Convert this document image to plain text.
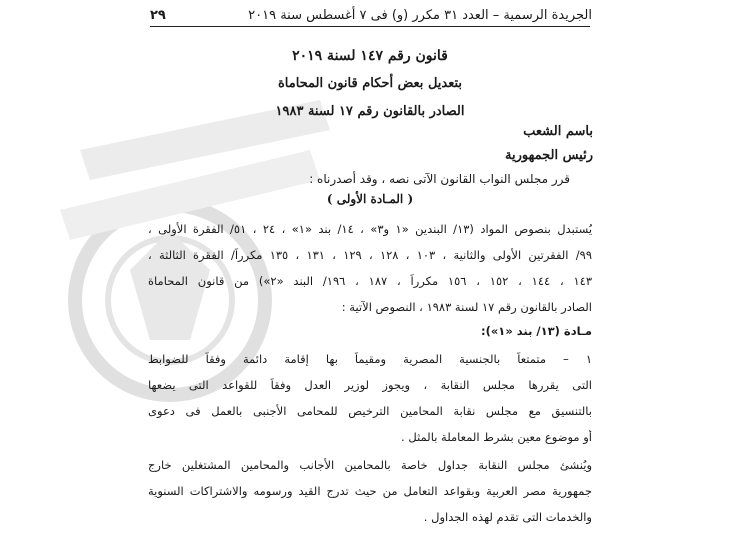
الجريدة الرسمية – العدد ٣١ مكرر (و) فى ٧ أغسطس سنة ٢٠١٩
٢٩
قانون رقم ١٤٧ لسنة ٢٠١٩
بتعديل بعض أحكام قانون المحاماة
الصادر بالقانون رقم ١٧ لسنة ١٩٨٣
باسم الشعب
رئيس الجمهورية
قرر مجلس النواب القانون الآتى نصه ، وقد أصدرناه :
( المـادة الأولى )
يُستبدل بنصوص المواد (١٣/ البندين «١ و٣» ، ١٤/ بند «١» ، ٢٤ ، ٥١/ الفقرة الأولى ،
٩٩/ الفقرتين الأولى والثانية ، ١٠٣ ، ١٢٨ ، ١٢٩ ، ١٣١ ، ١٣٥ مكرراً/ الفقرة الثالثة ،
١٤٣ ، ١٤٤ ، ١٥٢ ، ١٥٦ مكرراً ، ١٨٧ ، ١٩٦/ البند «٢») من قانون المحاماة
الصادر بالقانون رقم ١٧ لسنة ١٩٨٣ ، النصوص الآتية :
مـادة (١٣/ بند «١»):
١ – متمتعاً بالجنسية المصرية ومقيماً بها إقامة دائمة وفقاً للضوابط
التى يقررها مجلس النقابة ، ويجوز لوزير العدل وفقاً للقواعد التى يضعها
بالتنسيق مع مجلس نقابة المحامين الترخيص للمحامى الأجنبى بالعمل فى دعوى
أو موضوع معين بشرط المعاملة بالمثل .
ويُنشئ مجلس النقابة جداول خاصة بالمحامين الأجانب والمحامين المشتغلين خارج
جمهورية مصر العربية وبقواعد التعامل من حيث تدرج القيد ورسومه والاشتراكات السنوية
والخدمات التى تقدم لهذه الجداول .
